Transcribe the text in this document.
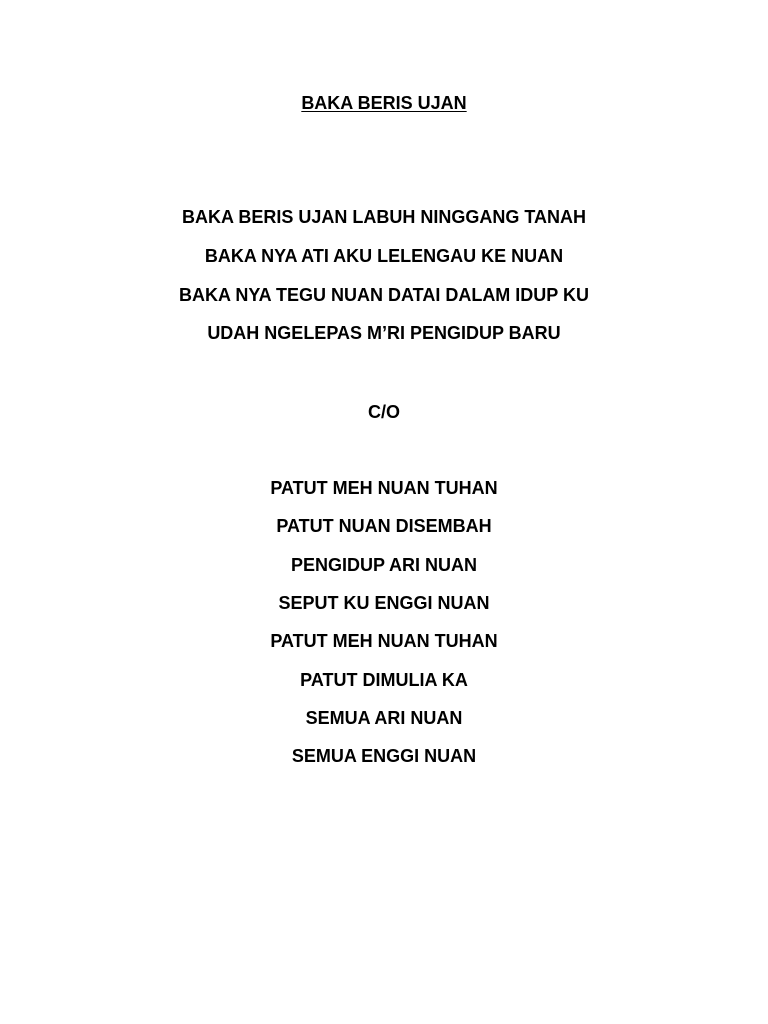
BAKA BERIS UJAN
BAKA BERIS UJAN LABUH NINGGANG TANAH
BAKA NYA ATI AKU LELENGAU KE NUAN
BAKA NYA TEGU NUAN DATAI DALAM IDUP KU
UDAH NGELEPAS M’RI PENGIDUP BARU
C/O
PATUT MEH NUAN TUHAN
PATUT NUAN DISEMBAH
PENGIDUP ARI NUAN
SEPUT KU ENGGI NUAN
PATUT MEH NUAN TUHAN
PATUT DIMULIA KA
SEMUA ARI NUAN
SEMUA ENGGI NUAN
